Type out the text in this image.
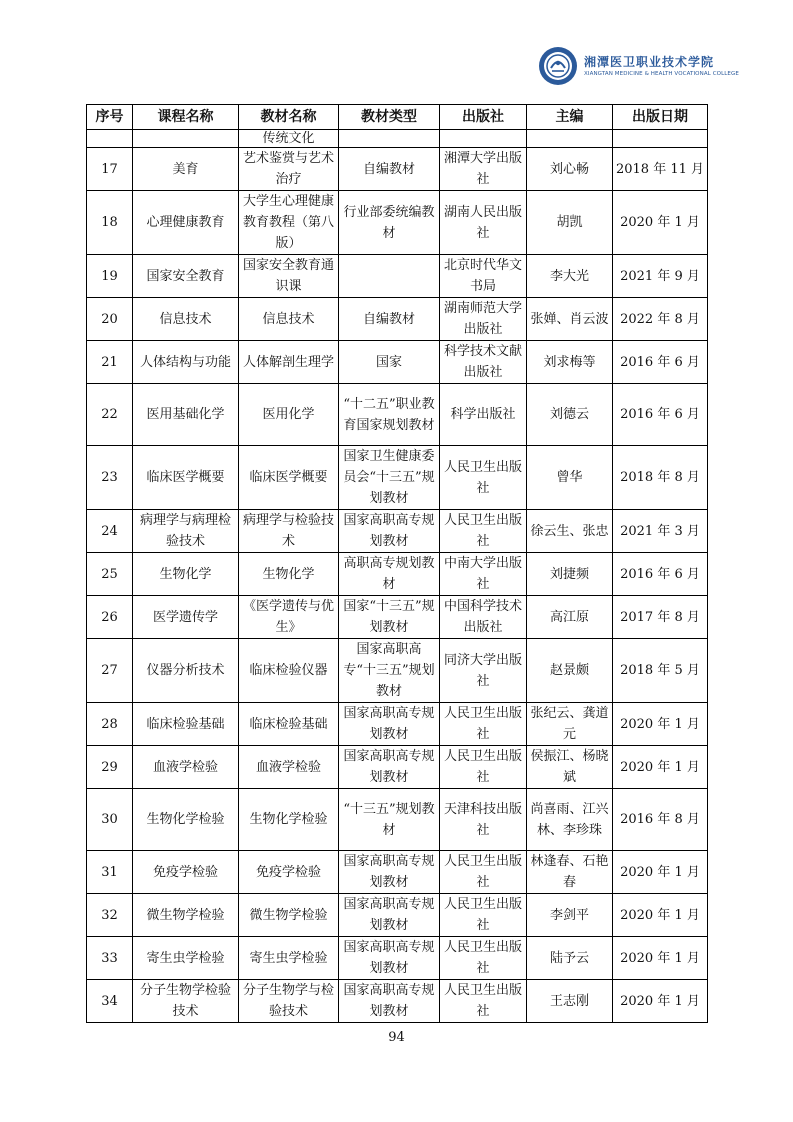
湘潭医卫职业技术学院
XIANGTAN MEDICINE & HEALTH VOCATIONAL COLLEGE
序号	课程名称	教材名称	教材类型	出版社	主编	出版日期
		传统文化				
17	美育	艺术鉴赏与艺术治疗	自编教材	湘潭大学出版社	刘心畅	2018 年 11 月
18	心理健康教育	大学生心理健康教育教程（第八版）	行业部委统编教材	湖南人民出版社	胡凯	2020 年 1 月
19	国家安全教育	国家安全教育通识课		北京时代华文书局	李大光	2021 年 9 月
20	信息技术	信息技术	自编教材	湖南师范大学出版社	张婵、肖云波	2022 年 8 月
21	人体结构与功能	人体解剖生理学	国家	科学技术文献出版社	刘求梅等	2016 年 6 月
22	医用基础化学	医用化学	“十二五”职业教育国家规划教材	科学出版社	刘德云	2016 年 6 月
23	临床医学概要	临床医学概要	国家卫生健康委员会“十三五”规划教材	人民卫生出版社	曾华	2018 年 8 月
24	病理学与病理检验技术	病理学与检验技术	国家高职高专规划教材	人民卫生出版社	徐云生、张忠	2021 年 3 月
25	生物化学	生物化学	高职高专规划教材	中南大学出版社	刘捷频	2016 年 6 月
26	医学遗传学	《医学遗传与优生》	国家“十三五”规划教材	中国科学技术出版社	高江原	2017 年 8 月
27	仪器分析技术	临床检验仪器	国家高职高专“十三五”规划教材	同济大学出版社	赵景颇	2018 年 5 月
28	临床检验基础	临床检验基础	国家高职高专规划教材	人民卫生出版社	张纪云、龚道元	2020 年 1 月
29	血液学检验	血液学检验	国家高职高专规划教材	人民卫生出版社	侯振江、杨晓斌	2020 年 1 月
30	生物化学检验	生物化学检验	“十三五”规划教材	天津科技出版社	尚喜雨、江兴林、李珍珠	2016 年 8 月
31	免疫学检验	免疫学检验	国家高职高专规划教材	人民卫生出版社	林逢春、石艳春	2020 年 1 月
32	微生物学检验	微生物学检验	国家高职高专规划教材	人民卫生出版社	李剑平	2020 年 1 月
33	寄生虫学检验	寄生虫学检验	国家高职高专规划教材	人民卫生出版社	陆予云	2020 年 1 月
34	分子生物学检验技术	分子生物学与检验技术	国家高职高专规划教材	人民卫生出版社	王志刚	2020 年 1 月
94
